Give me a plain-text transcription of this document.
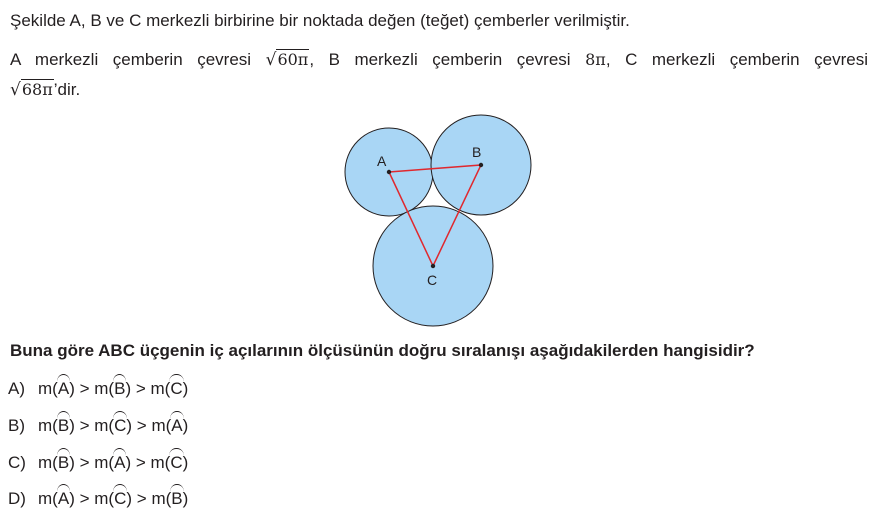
Şekilde A, B ve C merkezli birbirine bir noktada değen (teğet) çemberler verilmiştir.
A merkezli çemberin çevresi √60π, B merkezli çemberin çevresi 8π, C merkezli çemberin çevresi
√68π’dir.
A
B
C
Buna göre ABC üçgenin iç açılarının ölçüsünün doğru sıralanışı aşağıdakilerden hangisidir?
A) m(A) > m(B) > m(C)
B) m(B) > m(C) > m(A)
C) m(B) > m(A) > m(C)
D) m(A) > m(C) > m(B)
